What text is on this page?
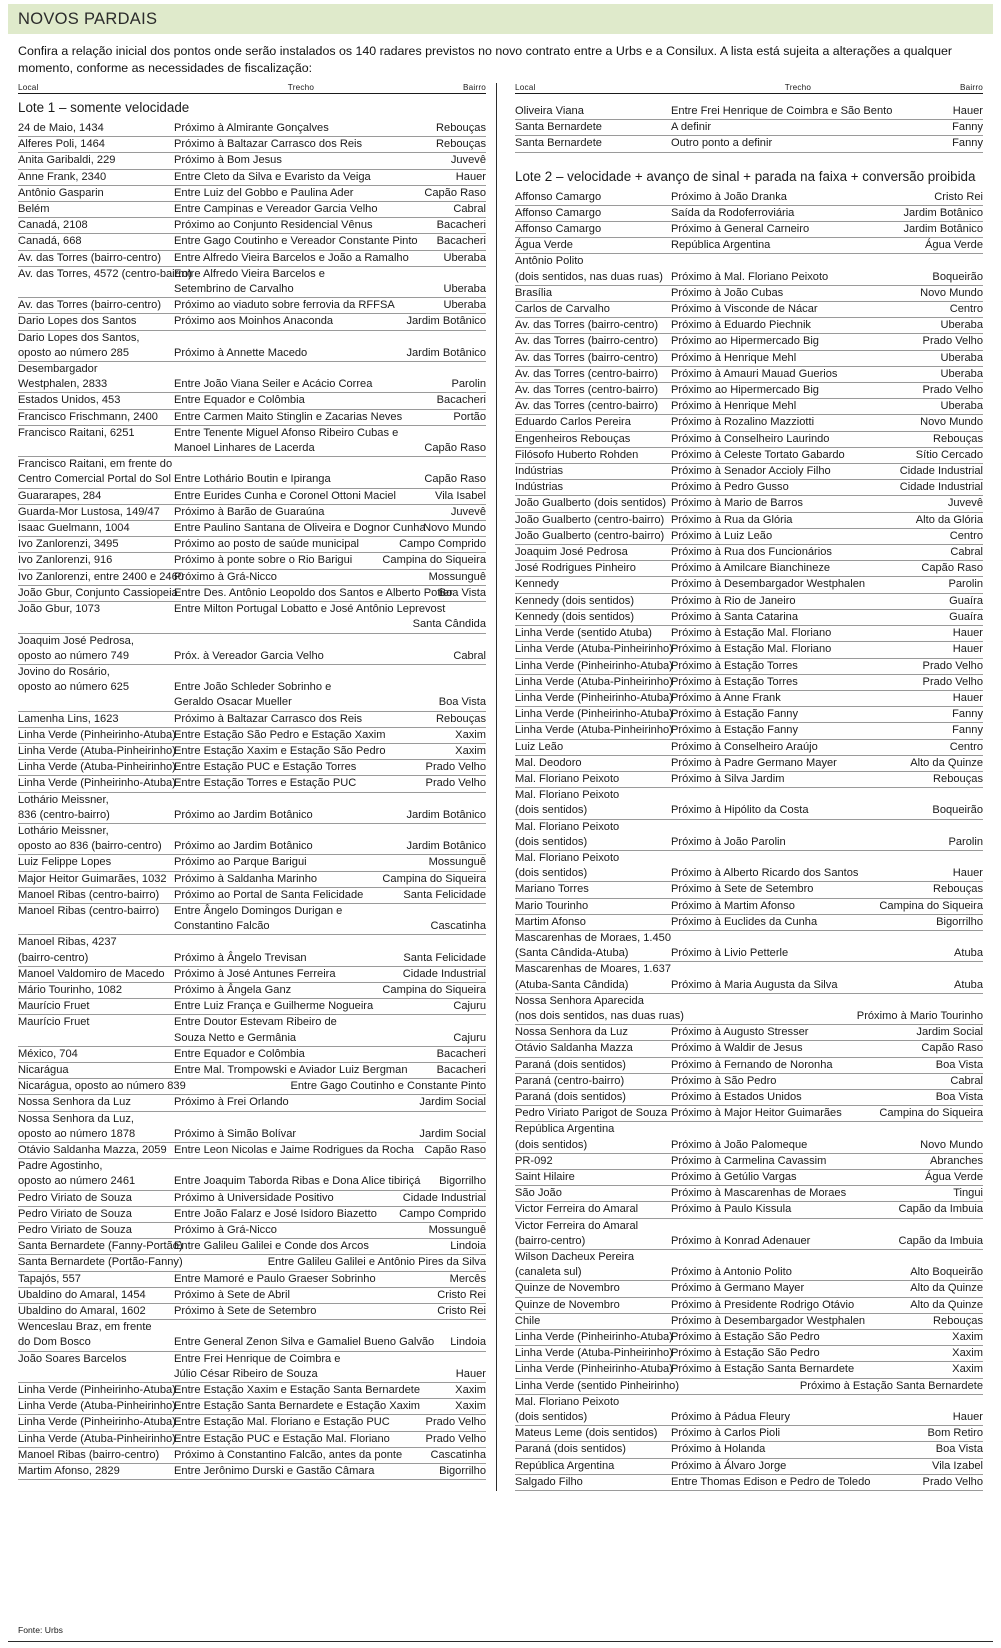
NOVOS PARDAIS

Confira a relação inicial dos pontos onde serão instalados os 140 radares previstos no novo contrato entre a Urbs e a Consilux. A lista está sujeita a alterações a qualquer momento, conforme as necessidades de fiscalização:

Local	Trecho	Bairro
Lote 1 – somente velocidade		
24 de Maio, 1434	Próximo à Almirante Gonçalves	Rebouças
Alferes Poli, 1464	Próximo à Baltazar Carrasco dos Reis	Rebouças
Anita Garibaldi, 229	Próximo à Bom Jesus	Juvevê
Anne Frank, 2340	Entre Cleto da Silva e Evaristo da Veiga	Hauer
Antônio Gasparin	Entre Luiz del Gobbo e Paulina Ader	Capão Raso
Belém	Entre Campinas e Vereador Garcia Velho	Cabral
Canadá, 2108	Próximo ao Conjunto Residencial Vênus	Bacacheri
Canadá, 668	Entre Gago Coutinho e Vereador Constante Pinto	Bacacheri
Av. das Torres (bairro-centro)	Entre Alfredo Vieira Barcelos e João a Ramalho	Uberaba
Av. das Torres, 4572 (centro-bairro)	Entre Alfredo Vieira Barcelos e	
	Setembrino de Carvalho	Uberaba
Av. das Torres (bairro-centro)	Próximo ao viaduto sobre ferrovia da RFFSA	Uberaba
Dario Lopes dos Santos	Próximo aos Moinhos Anaconda	Jardim Botânico
Dario Lopes dos Santos,		
oposto ao número 285	Próximo à Annette Macedo	Jardim Botânico
Desembargador		
Westphalen, 2833	Entre João Viana Seiler e Acácio Correa	Parolin
Estados Unidos, 453	Entre Equador e Colômbia	Bacacheri
Francisco Frischmann, 2400	Entre Carmen Maito Stinglin e Zacarias Neves	Portão
Francisco Raitani, 6251	Entre Tenente Miguel Afonso Ribeiro Cubas e	
	Manoel Linhares de Lacerda	Capão Raso
Francisco Raitani, em frente do		
Centro Comercial Portal do Sol	Entre Lothário Boutin e Ipiranga	Capão Raso
Guararapes, 284	Entre Eurides Cunha e Coronel Ottoni Maciel	Vila Isabel
Guarda-Mor Lustosa, 149/47	Próximo à Barão de Guaraúna	Juvevê
Isaac Guelmann, 1004	Entre Paulino Santana de Oliveira e Dognor Cunha	Novo Mundo
Ivo Zanlorenzi, 3495	Próximo ao posto de saúde municipal	Campo Comprido
Ivo Zanlorenzi, 916	Próximo à ponte sobre o Rio Barigui	Campina do Siqueira
Ivo Zanlorenzi, entre 2400 e 2460	Próximo à Grá-Nicco	Mossunguê
João Gbur, Conjunto Cassiopeia	Entre Des. Antônio Leopoldo dos Santos e Alberto Potier	Boa Vista
João Gbur, 1073	Entre Milton Portugal Lobatto e José Antônio Leprevost	
		Santa Cândida
Joaquim José Pedrosa,		
oposto ao número 749	Próx. à Vereador Garcia Velho	Cabral
Jovino do Rosário,		
oposto ao número 625	Entre João Schleder Sobrinho e	
	Geraldo Osacar Mueller	Boa Vista
Lamenha Lins, 1623	Próximo à Baltazar Carrasco dos Reis	Rebouças
Linha Verde (Pinheirinho-Atuba)	Entre Estação São Pedro e Estação Xaxim	Xaxim
Linha Verde (Atuba-Pinheirinho)	Entre Estação Xaxim e Estação São Pedro	Xaxim
Linha Verde (Atuba-Pinheirinho)	Entre Estação PUC e Estação Torres	Prado Velho
Linha Verde (Pinheirinho-Atuba)	Entre Estação Torres e Estação PUC	Prado Velho
Lothário Meissner,		
836 (centro-bairro)	Próximo ao Jardim Botânico	Jardim Botânico
Lothário Meissner,		
oposto ao 836 (bairro-centro)	Próximo ao Jardim Botânico	Jardim Botânico
Luiz Felippe Lopes	Próximo ao Parque Barigui	Mossunguê
Major Heitor Guimarães, 1032	Próximo à Saldanha Marinho	Campina do Siqueira
Manoel Ribas (centro-bairro)	Próximo ao Portal de Santa Felicidade	Santa Felicidade
Manoel Ribas (centro-bairro)	Entre Ângelo Domingos Durigan e	
	Constantino Falcão	Cascatinha
Manoel Ribas, 4237		
(bairro-centro)	Próximo à Ângelo Trevisan	Santa Felicidade
Manoel Valdomiro de Macedo	Próximo à José Antunes Ferreira	Cidade Industrial
Mário Tourinho, 1082	Próximo à Ângela Ganz	Campina do Siqueira
Maurício Fruet	Entre Luiz França e Guilherme Nogueira	Cajuru
Maurício Fruet	Entre Doutor Estevam Ribeiro de	
	Souza Netto e Germânia	Cajuru
México, 704	Entre Equador e Colômbia	Bacacheri
Nicarágua	Entre Mal. Trompowski e Aviador Luiz Bergman	Bacacheri
Nicarágua, oposto ao número 839	Entre Gago Coutinho e Constante Pinto	
Nossa Senhora da Luz	Próximo à Frei Orlando	Jardim Social
Nossa Senhora da Luz,		
oposto ao número 1878	Próximo à Simão Bolívar	Jardim Social
Otávio Saldanha Mazza, 2059	Entre Leon Nicolas e Jaime Rodrigues da Rocha	Capão Raso
Padre Agostinho,		
oposto ao número 2461	Entre Joaquim Taborda Ribas e Dona Alice tibiriçá	Bigorrilho
Pedro Viriato de Souza	Próximo à Universidade Positivo	Cidade Industrial
Pedro Viriato de Souza	Entre João Falarz e José Isidoro Biazetto	Campo Comprido
Pedro Viriato de Souza	Próximo à Grá-Nicco	Mossunguê
Santa Bernardete (Fanny-Portão)	Entre Galileu Galilei e Conde dos Arcos	Lindoia
Santa Bernardete (Portão-Fanny)	Entre Galileu Galilei e Antônio Pires da Silva	
Tapajós, 557	Entre Mamoré e Paulo Graeser Sobrinho	Mercês
Ubaldino do Amaral, 1454	Próximo à Sete de Abril	Cristo Rei
Ubaldino do Amaral, 1602	Próximo à Sete de Setembro	Cristo Rei
Wenceslau Braz, em frente		
do Dom Bosco	Entre General Zenon Silva e Gamaliel Bueno Galvão	Lindoia
João Soares Barcelos	Entre Frei Henrique de Coimbra e	
	Júlio César Ribeiro de Souza	Hauer
Linha Verde (Pinheirinho-Atuba)	Entre Estação Xaxim e Estação Santa Bernardete	Xaxim
Linha Verde (Atuba-Pinheirinho)	Entre Estação Santa Bernardete e Estação Xaxim	Xaxim
Linha Verde (Pinheirinho-Atuba)	Entre Estação Mal. Floriano e Estação PUC	Prado Velho
Linha Verde (Atuba-Pinheirinho)	Entre Estação PUC e Estação Mal. Floriano	Prado Velho
Manoel Ribas (bairro-centro)	Próximo à Constantino Falcão, antes da ponte	Cascatinha
Martim Afonso, 2829	Entre Jerônimo Durski e Gastão Câmara	Bigorrilho
Local	Trecho	Bairro

Oliveira Viana	Entre Frei Henrique de Coimbra e São Bento	Hauer
Santa Bernardete	A definir	Fanny
Santa Bernardete	Outro ponto a definir	Fanny

Lote 2 – velocidade + avanço de sinal + parada na faixa + conversão proibida		
Affonso Camargo	Próximo à João Dranka	Cristo Rei
Affonso Camargo	Saída da Rodoferroviária	Jardim Botânico
Affonso Camargo	Próximo à General Carneiro	Jardim Botânico
Água Verde	República Argentina	Água Verde
Antônio Polito		
(dois sentidos, nas duas ruas)	Próximo à Mal. Floriano Peixoto	Boqueirão
Brasília	Próximo à João Cubas	Novo Mundo
Carlos de Carvalho	Próximo à Visconde de Nácar	Centro
Av. das Torres (bairro-centro)	Próximo à Eduardo Piechnik	Uberaba
Av. das Torres (bairro-centro)	Próximo ao Hipermercado Big	Prado Velho
Av. das Torres (bairro-centro)	Próximo à Henrique Mehl	Uberaba
Av. das Torres (centro-bairro)	Próximo à Amauri Mauad Guerios	Uberaba
Av. das Torres (centro-bairro)	Próximo ao Hipermercado Big	Prado Velho
Av. das Torres (centro-bairro)	Próximo à Henrique Mehl	Uberaba
Eduardo Carlos Pereira	Próximo à Rozalino Mazziotti	Novo Mundo
Engenheiros Rebouças	Próximo à Conselheiro Laurindo	Rebouças
Filósofo Huberto Rohden	Próximo à Celeste Tortato Gabardo	Sítio Cercado
Indústrias	Próximo à Senador Accioly Filho	Cidade Industrial
Indústrias	Próximo à Pedro Gusso	Cidade Industrial
João Gualberto (dois sentidos)	Próximo à Mario de Barros	Juvevê
João Gualberto (centro-bairro)	Próximo à Rua da Glória	Alto da Glória
João Gualberto (centro-bairro)	Próximo à Luiz Leão	Centro
Joaquim José Pedrosa	Próximo à Rua dos Funcionários	Cabral
José Rodrigues Pinheiro	Próximo à Amilcare Bianchineze	Capão Raso
Kennedy	Próximo à Desembargador Westphalen	Parolin
Kennedy (dois sentidos)	Próximo à Rio de Janeiro	Guaíra
Kennedy (dois sentidos)	Próximo à Santa Catarina	Guaíra
Linha Verde (sentido Atuba)	Próximo à Estação Mal. Floriano	Hauer
Linha Verde (Atuba-Pinheirinho)	Próximo à Estação Mal. Floriano	Hauer
Linha Verde (Pinheirinho-Atuba)	Próximo à Estação Torres	Prado Velho
Linha Verde (Atuba-Pinheirinho)	Próximo à Estação Torres	Prado Velho
Linha Verde (Pinheirinho-Atuba)	Próximo à Anne Frank	Hauer
Linha Verde (Pinheirinho-Atuba)	Próximo à Estação Fanny	Fanny
Linha Verde (Atuba-Pinheirinho)	Próximo à Estação Fanny	Fanny
Luiz Leão	Próximo à Conselheiro Araújo	Centro
Mal. Deodoro	Próximo à Padre Germano Mayer	Alto da Quinze
Mal. Floriano Peixoto	Próximo à Silva Jardim	Rebouças
Mal. Floriano Peixoto		
(dois sentidos)	Próximo à Hipólito da Costa	Boqueirão
Mal. Floriano Peixoto		
(dois sentidos)	Próximo à João Parolin	Parolin
Mal. Floriano Peixoto		
(dois sentidos)	Próximo à Alberto Ricardo dos Santos	Hauer
Mariano Torres	Próximo à Sete de Setembro	Rebouças
Mario Tourinho	Próximo à Martim Afonso	Campina do Siqueira
Martim Afonso	Próximo à Euclides da Cunha	Bigorrilho
Mascarenhas de Moraes, 1.450		
(Santa Cândida-Atuba)	Próximo à Livio Petterle	Atuba
Mascarenhas de Moares, 1.637		
(Atuba-Santa Cândida)	Próximo à Maria Augusta da Silva	Atuba
Nossa Senhora Aparecida		
(nos dois sentidos, nas duas ruas)	Próximo à Mario Tourinho	
Nossa Senhora da Luz	Próximo à Augusto Stresser	Jardim Social
Otávio Saldanha Mazza	Próximo à Waldir de Jesus	Capão Raso
Paraná (dois sentidos)	Próximo à Fernando de Noronha	Boa Vista
Paraná (centro-bairro)	Próximo à São Pedro	Cabral
Paraná (dois sentidos)	Próximo à Estados Unidos	Boa Vista
Pedro Viriato Parigot de Souza	Próximo à Major Heitor Guimarães	Campina do Siqueira
República Argentina		
(dois sentidos)	Próximo à João Palomeque	Novo Mundo
PR-092	Próximo à Carmelina Cavassim	Abranches
Saint Hilaire	Próximo à Getúlio Vargas	Água Verde
São João	Próximo à Mascarenhas de Moraes	Tingui
Victor Ferreira do Amaral	Próximo à Paulo Kissula	Capão da Imbuia
Victor Ferreira do Amaral		
(bairro-centro)	Próximo à Konrad Adenauer	Capão da Imbuia
Wilson Dacheux Pereira		
(canaleta sul)	Próximo à Antonio Polito	Alto Boqueirão
Quinze de Novembro	Próximo à Germano Mayer	Alto da Quinze
Quinze de Novembro	Próximo à Presidente Rodrigo Otávio	Alto da Quinze
Chile	Próximo à Desembargador Westphalen	Rebouças
Linha Verde (Pinheirinho-Atuba)	Próximo à Estação São Pedro	Xaxim
Linha Verde (Atuba-Pinheirinho)	Próximo à Estação São Pedro	Xaxim
Linha Verde (Pinheirinho-Atuba)	Próximo à Estação Santa Bernardete	Xaxim
Linha Verde (sentido Pinheirinho)	Próximo à Estação Santa Bernardete	
Mal. Floriano Peixoto		
(dois sentidos)	Próximo à Pádua Fleury	Hauer
Mateus Leme (dois sentidos)	Próximo à Carlos Pioli	Bom Retiro
Paraná (dois sentidos)	Próximo à Holanda	Boa Vista
República Argentina	Próximo à Álvaro Jorge	Vila Izabel
Salgado Filho	Entre Thomas Edison e Pedro de Toledo	Prado Velho
Fonte: Urbs
